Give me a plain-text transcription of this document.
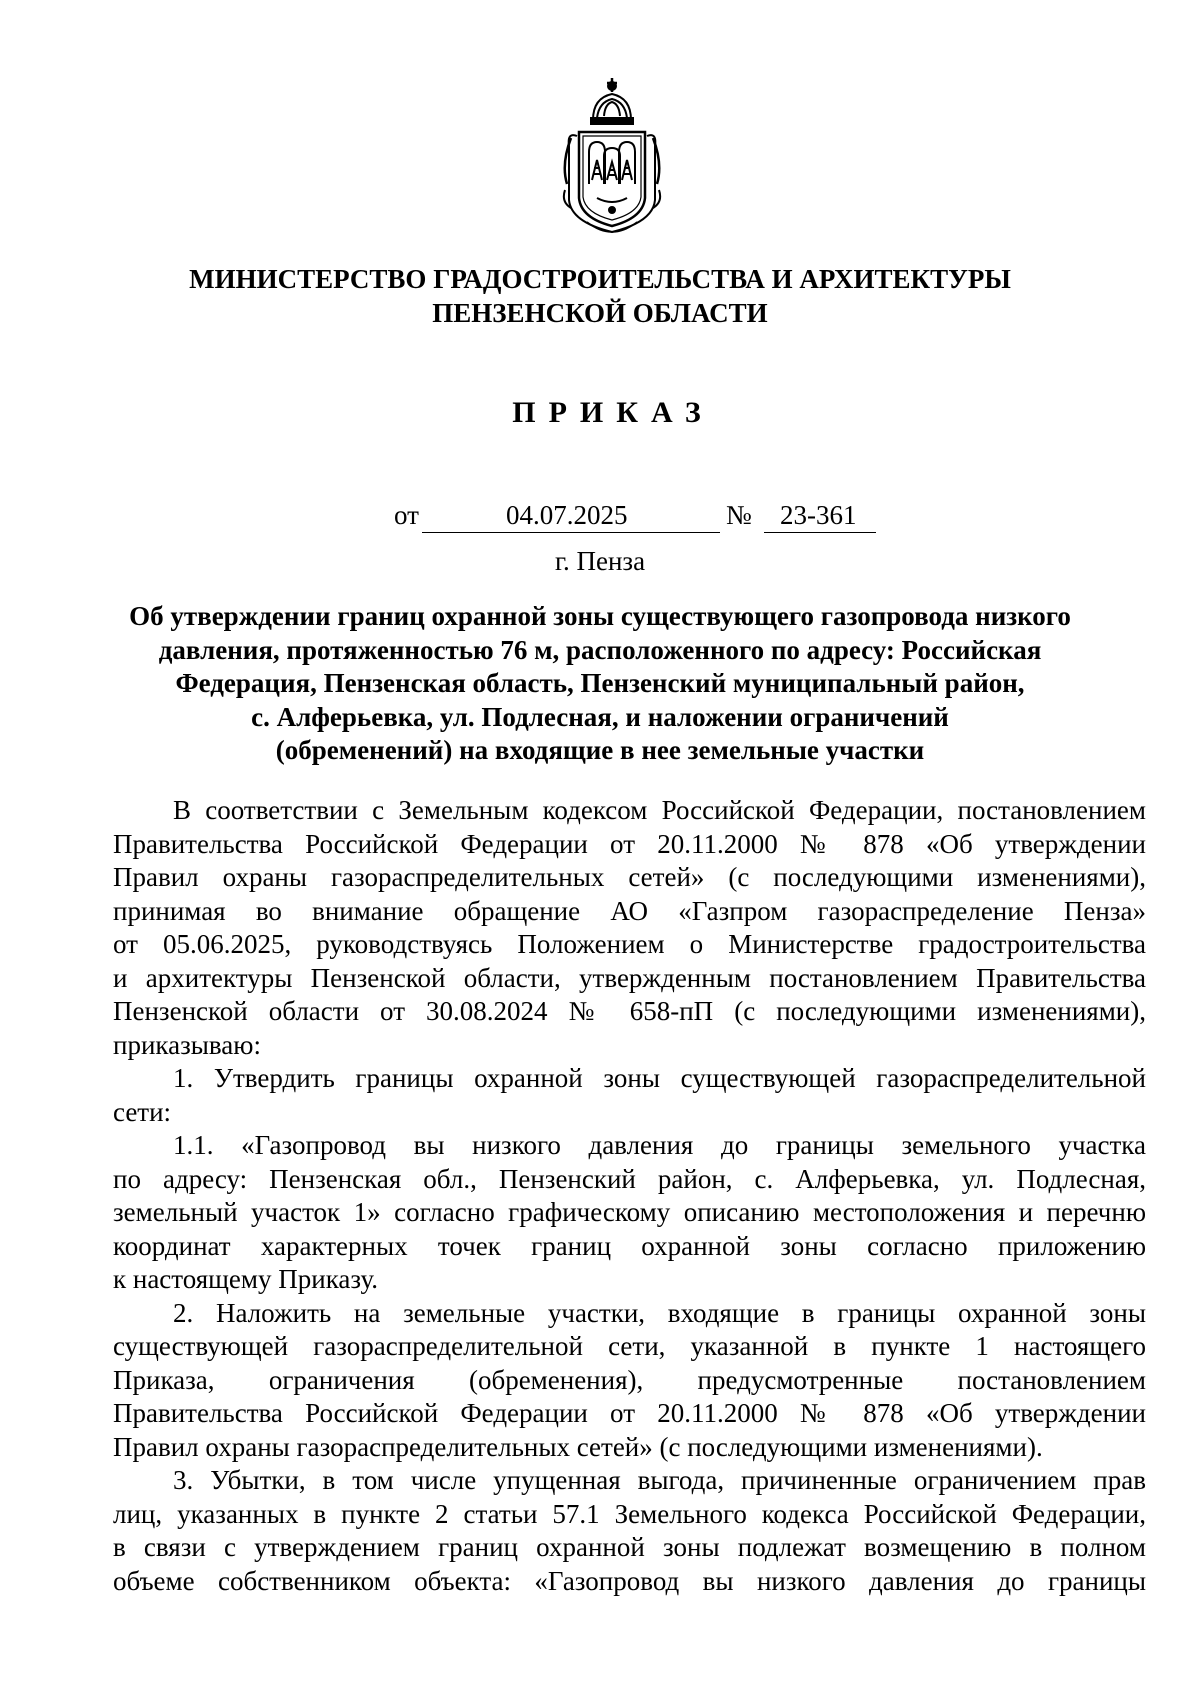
МИНИСТЕРСТВО ГРАДОСТРОИТЕЛЬСТВА И АРХИТЕКТУРЫ
ПЕНЗЕНСКОЙ ОБЛАСТИ
ПРИКАЗ
от	04.07.2025	№ 23-361
г. Пенза
Об утверждении границ охранной зоны существующего газопровода низкого
давления, протяженностью 76 м, расположенного по адресу: Российская
Федерация, Пензенская область, Пензенский муниципальный район,
с. Алферьевка, ул. Подлесная, и наложении ограничений
(обременений) на входящие в нее земельные участки
В соответствии с Земельным кодексом Российской Федерации, постановлением
Правительства Российской Федерации от 20.11.2000 № 878 «Об утверждении
Правил охраны газораспределительных сетей» (с последующими изменениями),
принимая во внимание обращение АО «Газпром газораспределение Пенза»
от 05.06.2025, руководствуясь Положением о Министерстве градостроительства
и архитектуры Пензенской области, утвержденным постановлением Правительства
Пензенской области от 30.08.2024 № 658-пП (с последующими изменениями),
приказываю:
1. Утвердить границы охранной зоны существующей газораспределительной
сети:
1.1. «Газопровод вы низкого давления до границы земельного участка
по адресу: Пензенская обл., Пензенский район, с. Алферьевка, ул. Подлесная,
земельный участок 1» согласно графическому описанию местоположения и перечню
координат характерных точек границ охранной зоны согласно приложению
к настоящему Приказу.
2. Наложить на земельные участки, входящие в границы охранной зоны
существующей газораспределительной сети, указанной в пункте 1 настоящего
Приказа, ограничения (обременения), предусмотренные постановлением
Правительства Российской Федерации от 20.11.2000 № 878 «Об утверждении
Правил охраны газораспределительных сетей» (с последующими изменениями).
3. Убытки, в том числе упущенная выгода, причиненные ограничением прав
лиц, указанных в пункте 2 статьи 57.1 Земельного кодекса Российской Федерации,
в связи с утверждением границ охранной зоны подлежат возмещению в полном
объеме собственником объекта: «Газопровод вы низкого давления до границы
